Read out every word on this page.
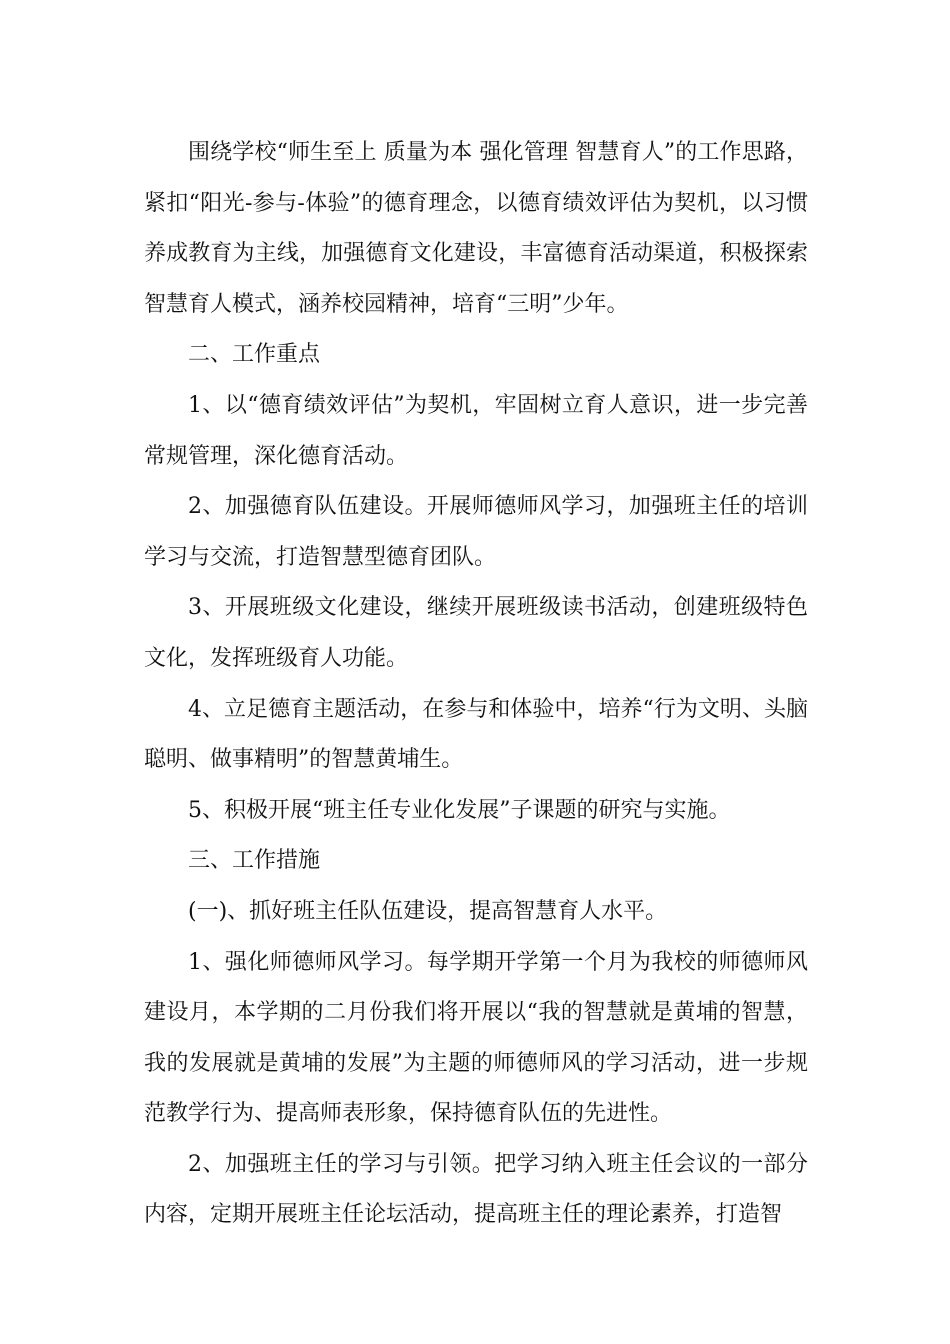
围绕学校“师生至上 质量为本 强化管理 智慧育人”的工作思路，紧扣“阳光-参与-体验”的德育理念，以德育绩效评估为契机，以习惯养成教育为主线，加强德育文化建设，丰富德育活动渠道，积极探索智慧育人模式，涵养校园精神，培育“三明”少年。

二、工作重点

1、以“德育绩效评估”为契机，牢固树立育人意识，进一步完善常规管理，深化德育活动。

2、加强德育队伍建设。开展师德师风学习，加强班主任的培训学习与交流，打造智慧型德育团队。

3、开展班级文化建设，继续开展班级读书活动，创建班级特色文化，发挥班级育人功能。

4、立足德育主题活动，在参与和体验中，培养“行为文明、头脑聪明、做事精明”的智慧黄埔生。

5、积极开展“班主任专业化发展”子课题的研究与实施。

三、工作措施

(一)、抓好班主任队伍建设，提高智慧育人水平。

1、强化师德师风学习。每学期开学第一个月为我校的师德师风建设月，本学期的二月份我们将开展以“我的智慧就是黄埔的智慧，我的发展就是黄埔的发展”为主题的师德师风的学习活动，进一步规范教学行为、提高师表形象，保持德育队伍的先进性。

2、加强班主任的学习与引领。把学习纳入班主任会议的一部分内容，定期开展班主任论坛活动，提高班主任的理论素养，打造智
